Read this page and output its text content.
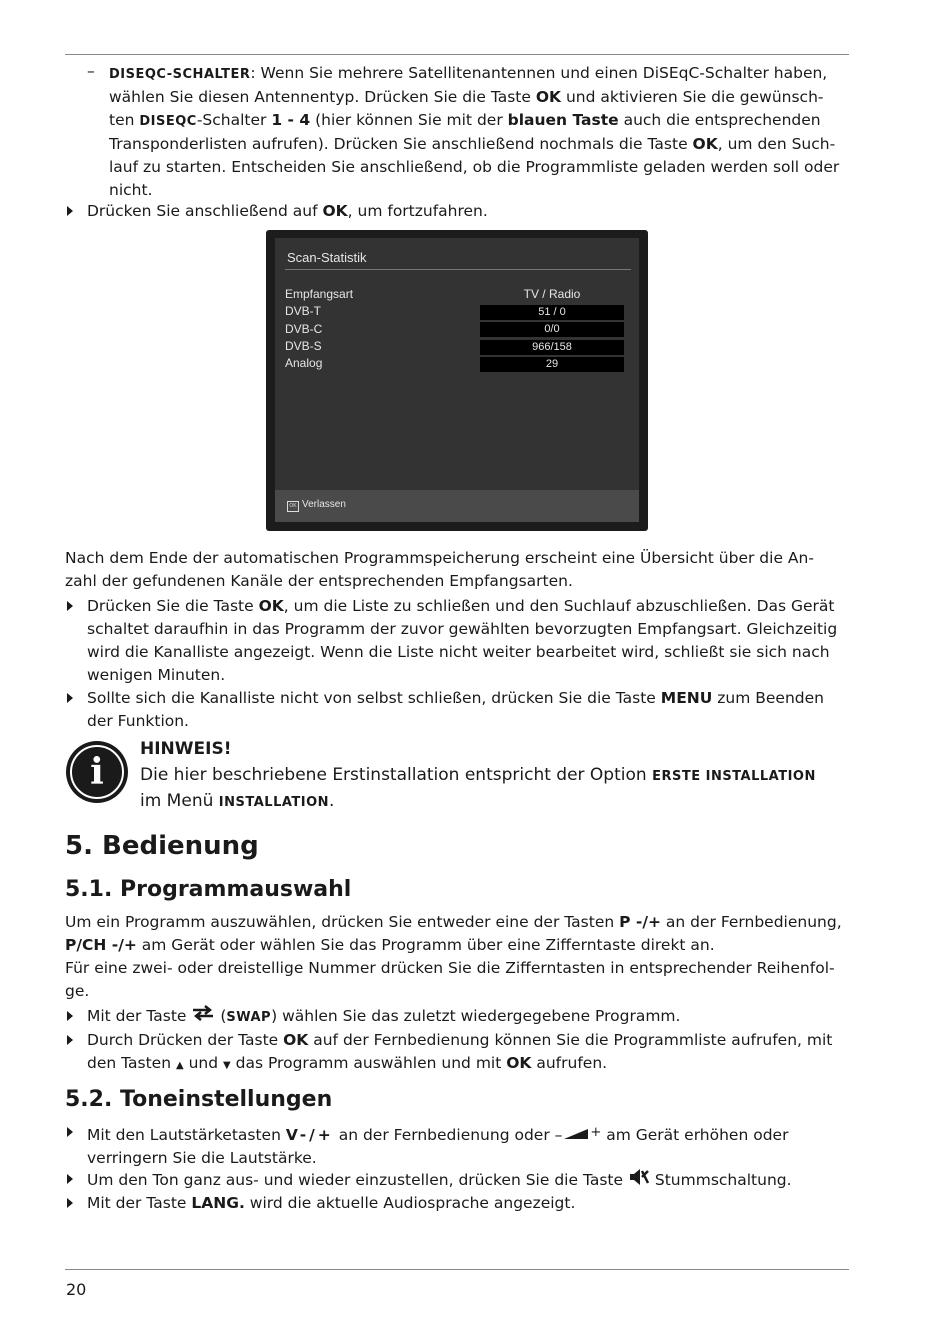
– DISEQC-SCHALTER: Wenn Sie mehrere Satellitenantennen und einen DiSEqC-Schalter haben,
wählen Sie diesen Antennentyp. Drücken Sie die Taste OK und aktivieren Sie die gewünsch-
ten DISEQC-Schalter 1 - 4 (hier können Sie mit der blauen Taste auch die entsprechenden
Transponderlisten aufrufen). Drücken Sie anschließend nochmals die Taste OK, um den Such-
lauf zu starten. Entscheiden Sie anschließend, ob die Programmliste geladen werden soll oder
nicht.
Drücken Sie anschließend auf OK, um fortzufahren.
Scan-Statistik
Empfangsart	TV / Radio
DVB-T
DVB-C
DVB-S
Analog
51 / 0
0/0
966/158
29
OK Verlassen
Nach dem Ende der automatischen Programmspeicherung erscheint eine Übersicht über die An-
zahl der gefundenen Kanäle der entsprechenden Empfangsarten.
Drücken Sie die Taste OK, um die Liste zu schließen und den Suchlauf abzuschließen. Das Gerät
schaltet daraufhin in das Programm der zuvor gewählten bevorzugten Empfangsart. Gleichzeitig
wird die Kanalliste angezeigt. Wenn die Liste nicht weiter bearbeitet wird, schließt sie sich nach
wenigen Minuten.
Sollte sich die Kanalliste nicht von selbst schließen, drücken Sie die Taste MENU zum Beenden
der Funktion.
i
HINWEIS!
Die hier beschriebene Erstinstallation entspricht der Option ERSTE INSTALLATION
im Menü INSTALLATION.
5. Bedienung
5.1. Programmauswahl
Um ein Programm auszuwählen, drücken Sie entweder eine der Tasten P -/+ an der Fernbedienung,
P/CH -/+ am Gerät oder wählen Sie das Programm über eine Zifferntaste direkt an.
Für eine zwei- oder dreistellige Nummer drücken Sie die Zifferntasten in entsprechender Reihenfol-
ge.
Mit der Taste  (SWAP) wählen Sie das zuletzt wiedergegebene Programm.
Durch Drücken der Taste OK auf der Fernbedienung können Sie die Programmliste aufrufen, mit
den Tasten ▲ und ▼ das Programm auswählen und mit OK aufrufen.
5.2. Toneinstellungen
Mit den Lautstärketasten V-/+ an der Fernbedienung oder – + am Gerät erhöhen oder
verringern Sie die Lautstärke.
Um den Ton ganz aus- und wieder einzustellen, drücken Sie die Taste  Stummschaltung.
Mit der Taste LANG. wird die aktuelle Audiosprache angezeigt.
20
